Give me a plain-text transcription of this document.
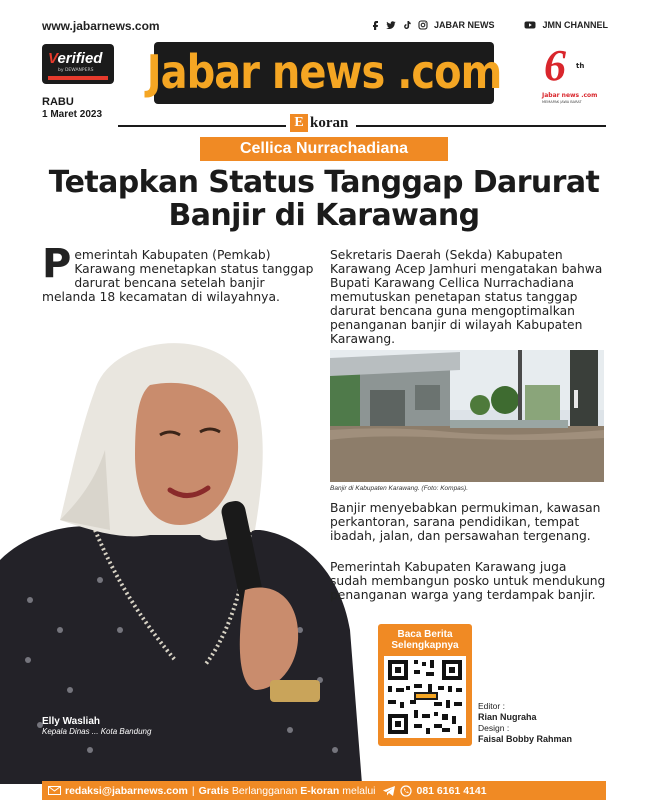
www.jabarnews.com	JABAR NEWS	JMN CHANNEL
Verified
by DEWANPERS Jabar news .com 6 th
Jabar news .com
MEMAPAK JAWA BARAT
RABU
1 Maret 2023
E koran
Cellica Nurrachadiana
Tetapkan Status Tanggap Darurat
Banjir di Karawang
Pemerintah Kabupaten (Pemkab) Karawang menetapkan status tanggap darurat bencana setelah banjir melanda 18 kecamatan di wilayahnya.
Elly Wasliah
Kepala Dinas ... Kota Bandung
Sekretaris Daerah (Sekda) Kabupaten Karawang Acep Jamhuri mengatakan bahwa Bupati Karawang Cellica Nurrachadiana memutuskan penetapan status tanggap darurat bencana guna mengoptimalkan penanganan banjir di wilayah Kabupaten Karawang.
Banjir di Kabupaten Karawang. (Foto: Kompas).
Banjir menyebabkan permukiman, kawasan perkantoran, sarana pendidikan, tempat ibadah, jalan, dan persawahan tergenang.
Pemerintah Kabupaten Karawang juga sudah membangun posko untuk mendukung penanganan warga yang terdampak banjir.
Baca Berita
Selengkapnya
Editor :
Rian Nugraha
Design :
Faisal Bobby Rahman
redaksi@jabarnews.com | Gratis
Berlangganan
E-koran
melalui	081 6161 4141
